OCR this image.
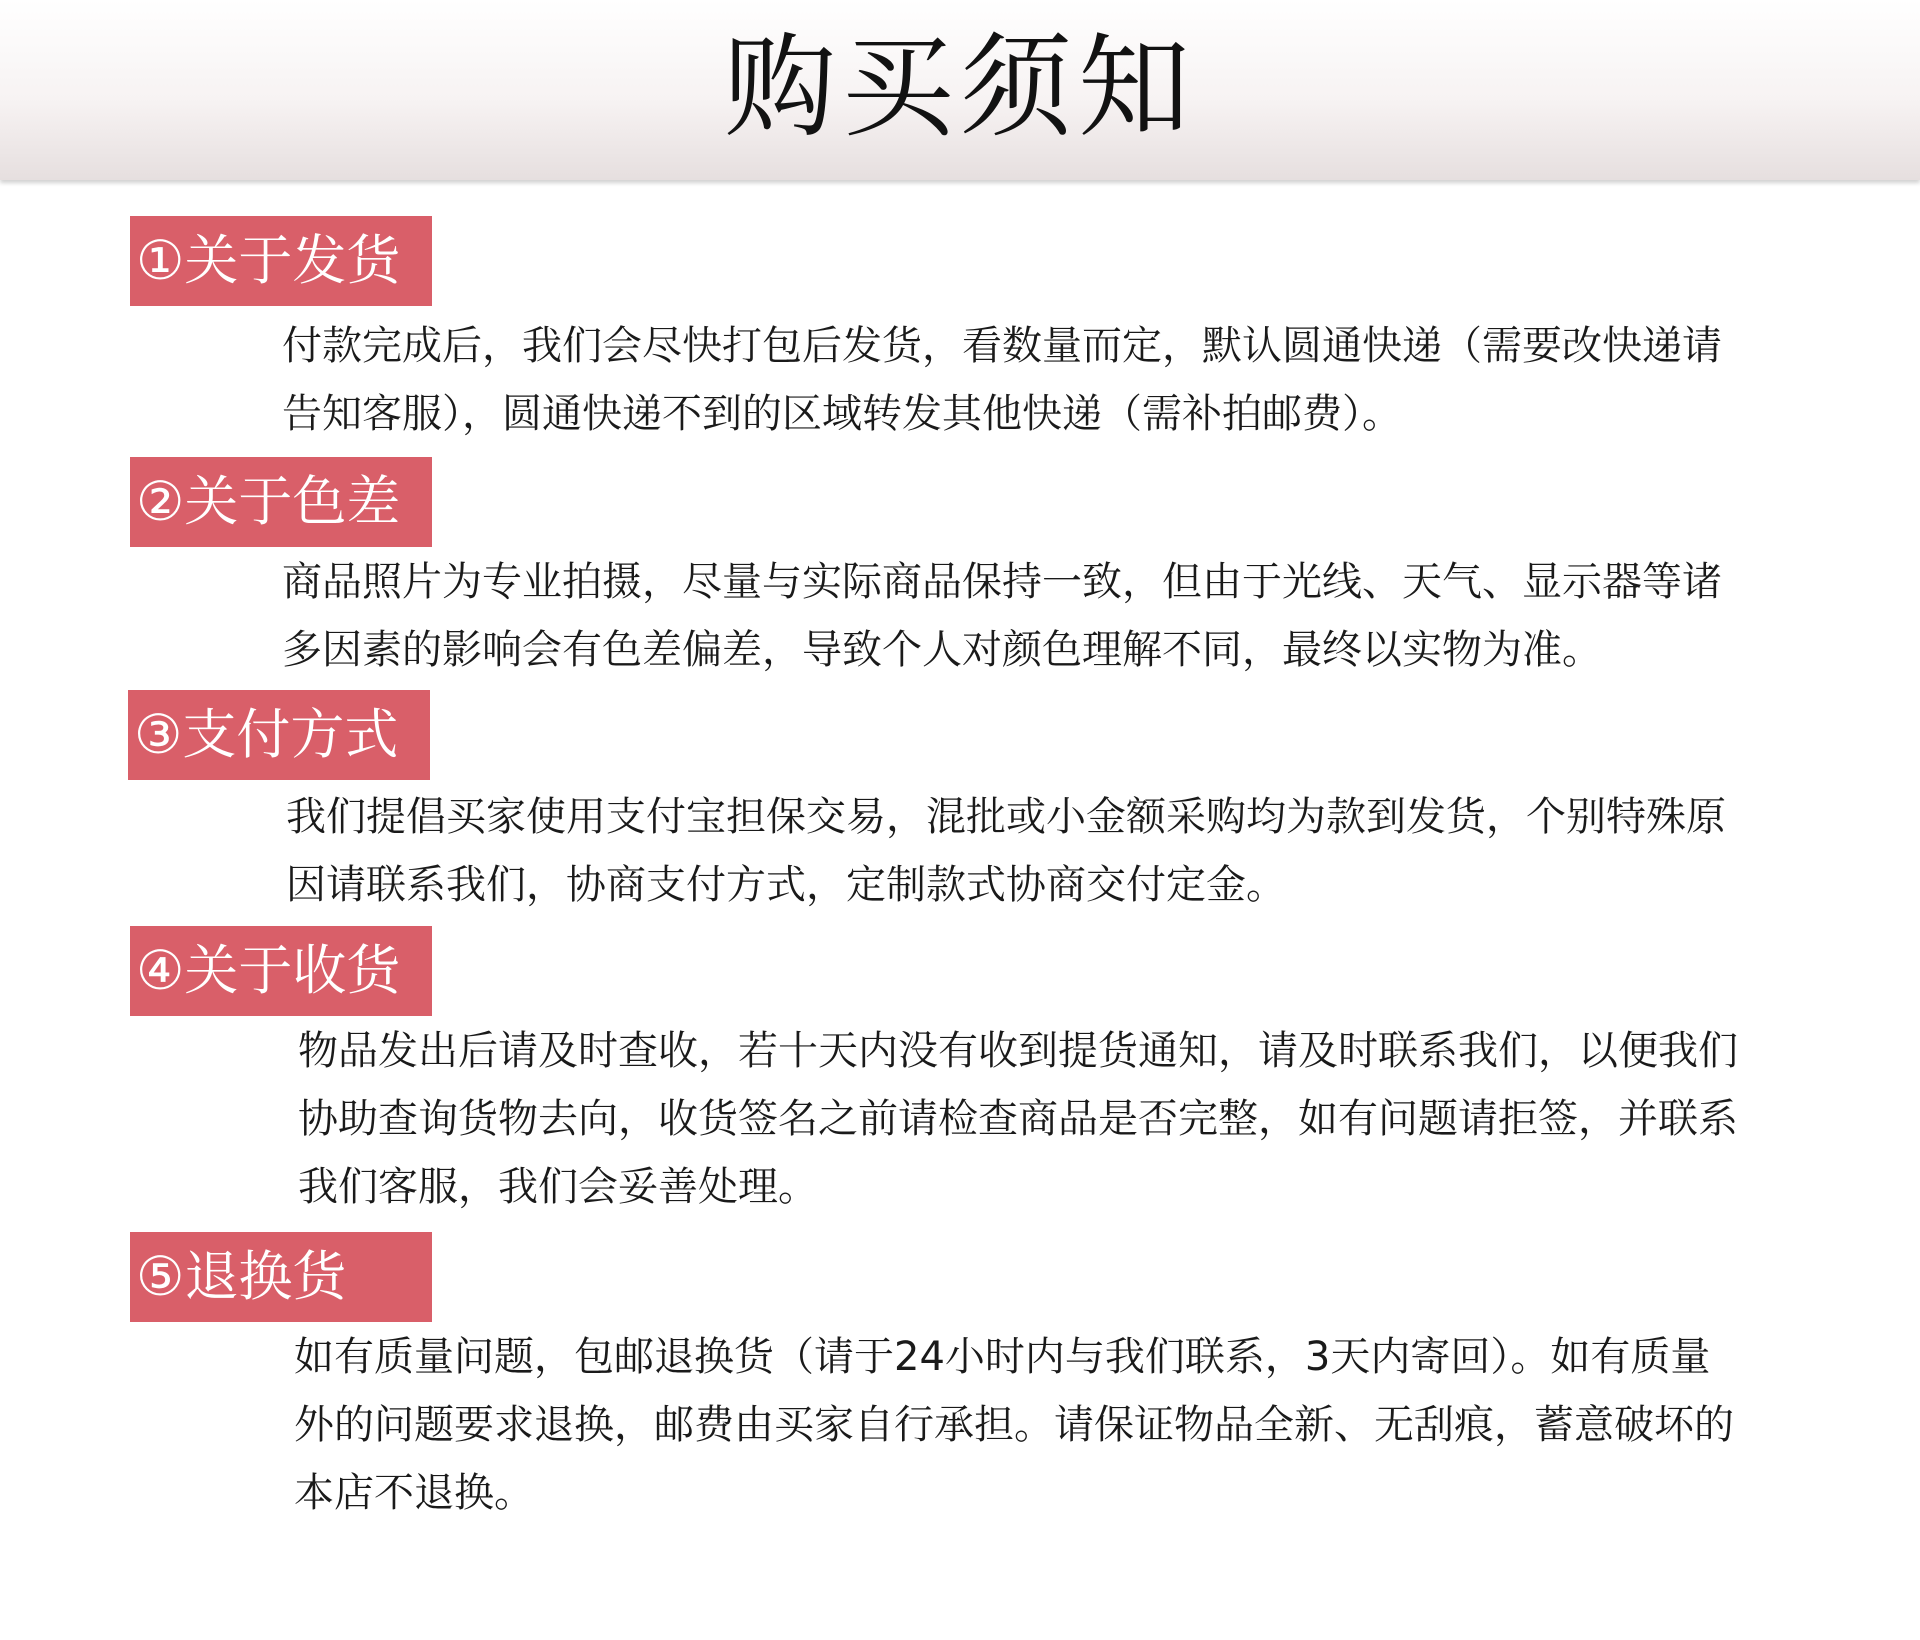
购买须知
①关于发货

付款完成后，我们会尽快打包后发货，看数量而定，默认圆通快递（需要改快递请
告知客服），圆通快递不到的区域转发其他快递（需补拍邮费）。

②关于色差

商品照片为专业拍摄，尽量与实际商品保持一致，但由于光线、天气、显示器等诸
多因素的影响会有色差偏差，导致个人对颜色理解不同，最终以实物为准。

③支付方式

我们提倡买家使用支付宝担保交易，混批或小金额采购均为款到发货，个别特殊原
因请联系我们，协商支付方式，定制款式协商交付定金。

④关于收货

物品发出后请及时查收，若十天内没有收到提货通知，请及时联系我们，以便我们
协助查询货物去向，收货签名之前请检查商品是否完整，如有问题请拒签，并联系
我们客服，我们会妥善处理。

⑤退换货

如有质量问题，包邮退换货（请于24小时内与我们联系，3天内寄回）。如有质量
外的问题要求退换，邮费由买家自行承担。请保证物品全新、无刮痕，蓄意破坏的
本店不退换。
